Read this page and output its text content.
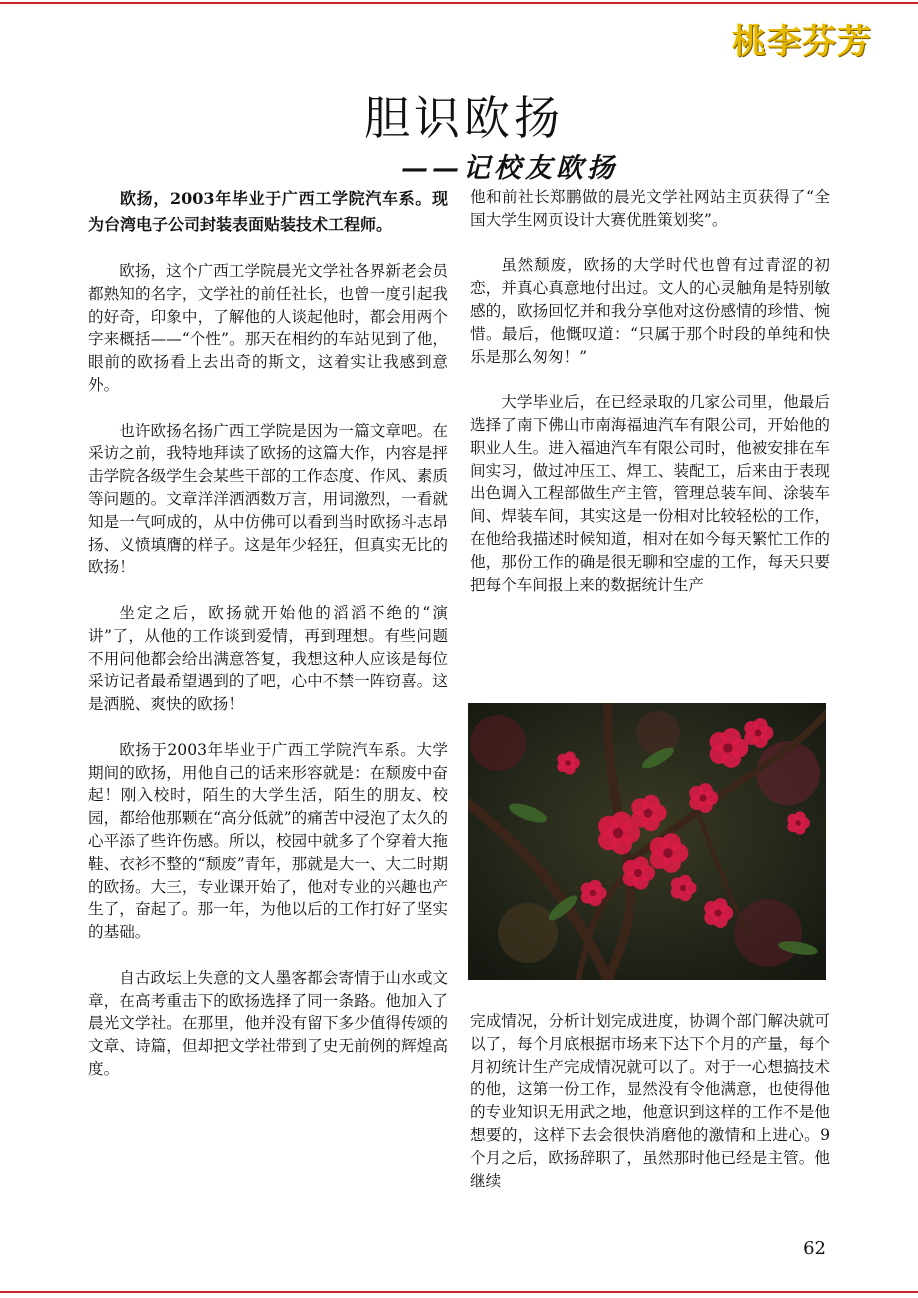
桃李芬芳
胆识欧扬
——记校友欧扬

欧扬，2003年毕业于广西工学院汽车系。现为台湾电子公司封装表面贴装技术工程师。

欧扬，这个广西工学院晨光文学社各界新老会员都熟知的名字，文学社的前任社长，也曾一度引起我的好奇，印象中，了解他的人谈起他时，都会用两个字来概括——“个性”。那天在相约的车站见到了他，眼前的欧扬看上去出奇的斯文，这着实让我感到意外。

也许欧扬名扬广西工学院是因为一篇文章吧。在采访之前，我特地拜读了欧扬的这篇大作，内容是抨击学院各级学生会某些干部的工作态度、作风、素质等问题的。文章洋洋洒洒数万言，用词激烈，一看就知是一气呵成的，从中仿佛可以看到当时欧扬斗志昂扬、义愤填膺的样子。这是年少轻狂，但真实无比的欧扬！

坐定之后，欧扬就开始他的滔滔不绝的“演讲”了，从他的工作谈到爱情，再到理想。有些问题不用问他都会给出满意答复，我想这种人应该是每位采访记者最希望遇到的了吧，心中不禁一阵窃喜。这是洒脱、爽快的欧扬！

欧扬于2003年毕业于广西工学院汽车系。大学期间的欧扬，用他自己的话来形容就是：在颓废中奋起！刚入校时，陌生的大学生活，陌生的朋友、校园，都给他那颗在“高分低就”的痛苦中浸泡了太久的心平添了些许伤感。所以，校园中就多了个穿着大拖鞋、衣衫不整的“颓废”青年，那就是大一、大二时期的欧扬。大三，专业课开始了，他对专业的兴趣也产生了，奋起了。那一年，为他以后的工作打好了坚实的基础。

自古政坛上失意的文人墨客都会寄情于山水或文章，在高考重击下的欧扬选择了同一条路。他加入了晨光文学社。在那里，他并没有留下多少值得传颂的文章、诗篇，但却把文学社带到了史无前例的辉煌高度。

他和前社长郑鹏做的晨光文学社网站主页获得了“全国大学生网页设计大赛优胜策划奖”。

虽然颓废，欧扬的大学时代也曾有过青涩的初恋，并真心真意地付出过。文人的心灵触角是特别敏感的，欧扬回忆并和我分享他对这份感情的珍惜、惋惜。最后，他慨叹道：“只属于那个时段的单纯和快乐是那么匆匆！”

大学毕业后，在已经录取的几家公司里，他最后选择了南下佛山市南海福迪汽车有限公司，开始他的职业人生。进入福迪汽车有限公司时，他被安排在车间实习，做过冲压工、焊工、装配工，后来由于表现出色调入工程部做生产主管，管理总装车间、涂装车间、焊装车间，其实这是一份相对比较轻松的工作，在他给我描述时候知道，相对在如今每天繁忙工作的他，那份工作的确是很无聊和空虚的工作，每天只要把每个车间报上来的数据统计生产

完成情况，分析计划完成进度，协调个部门解决就可以了，每个月底根据市场来下达下个月的产量，每个月初统计生产完成情况就可以了。对于一心想搞技术的他，这第一份工作，显然没有令他满意，也使得他的专业知识无用武之地，他意识到这样的工作不是他想要的，这样下去会很快消磨他的激情和上进心。9个月之后，欧扬辞职了，虽然那时他已经是主管。他继续

62
